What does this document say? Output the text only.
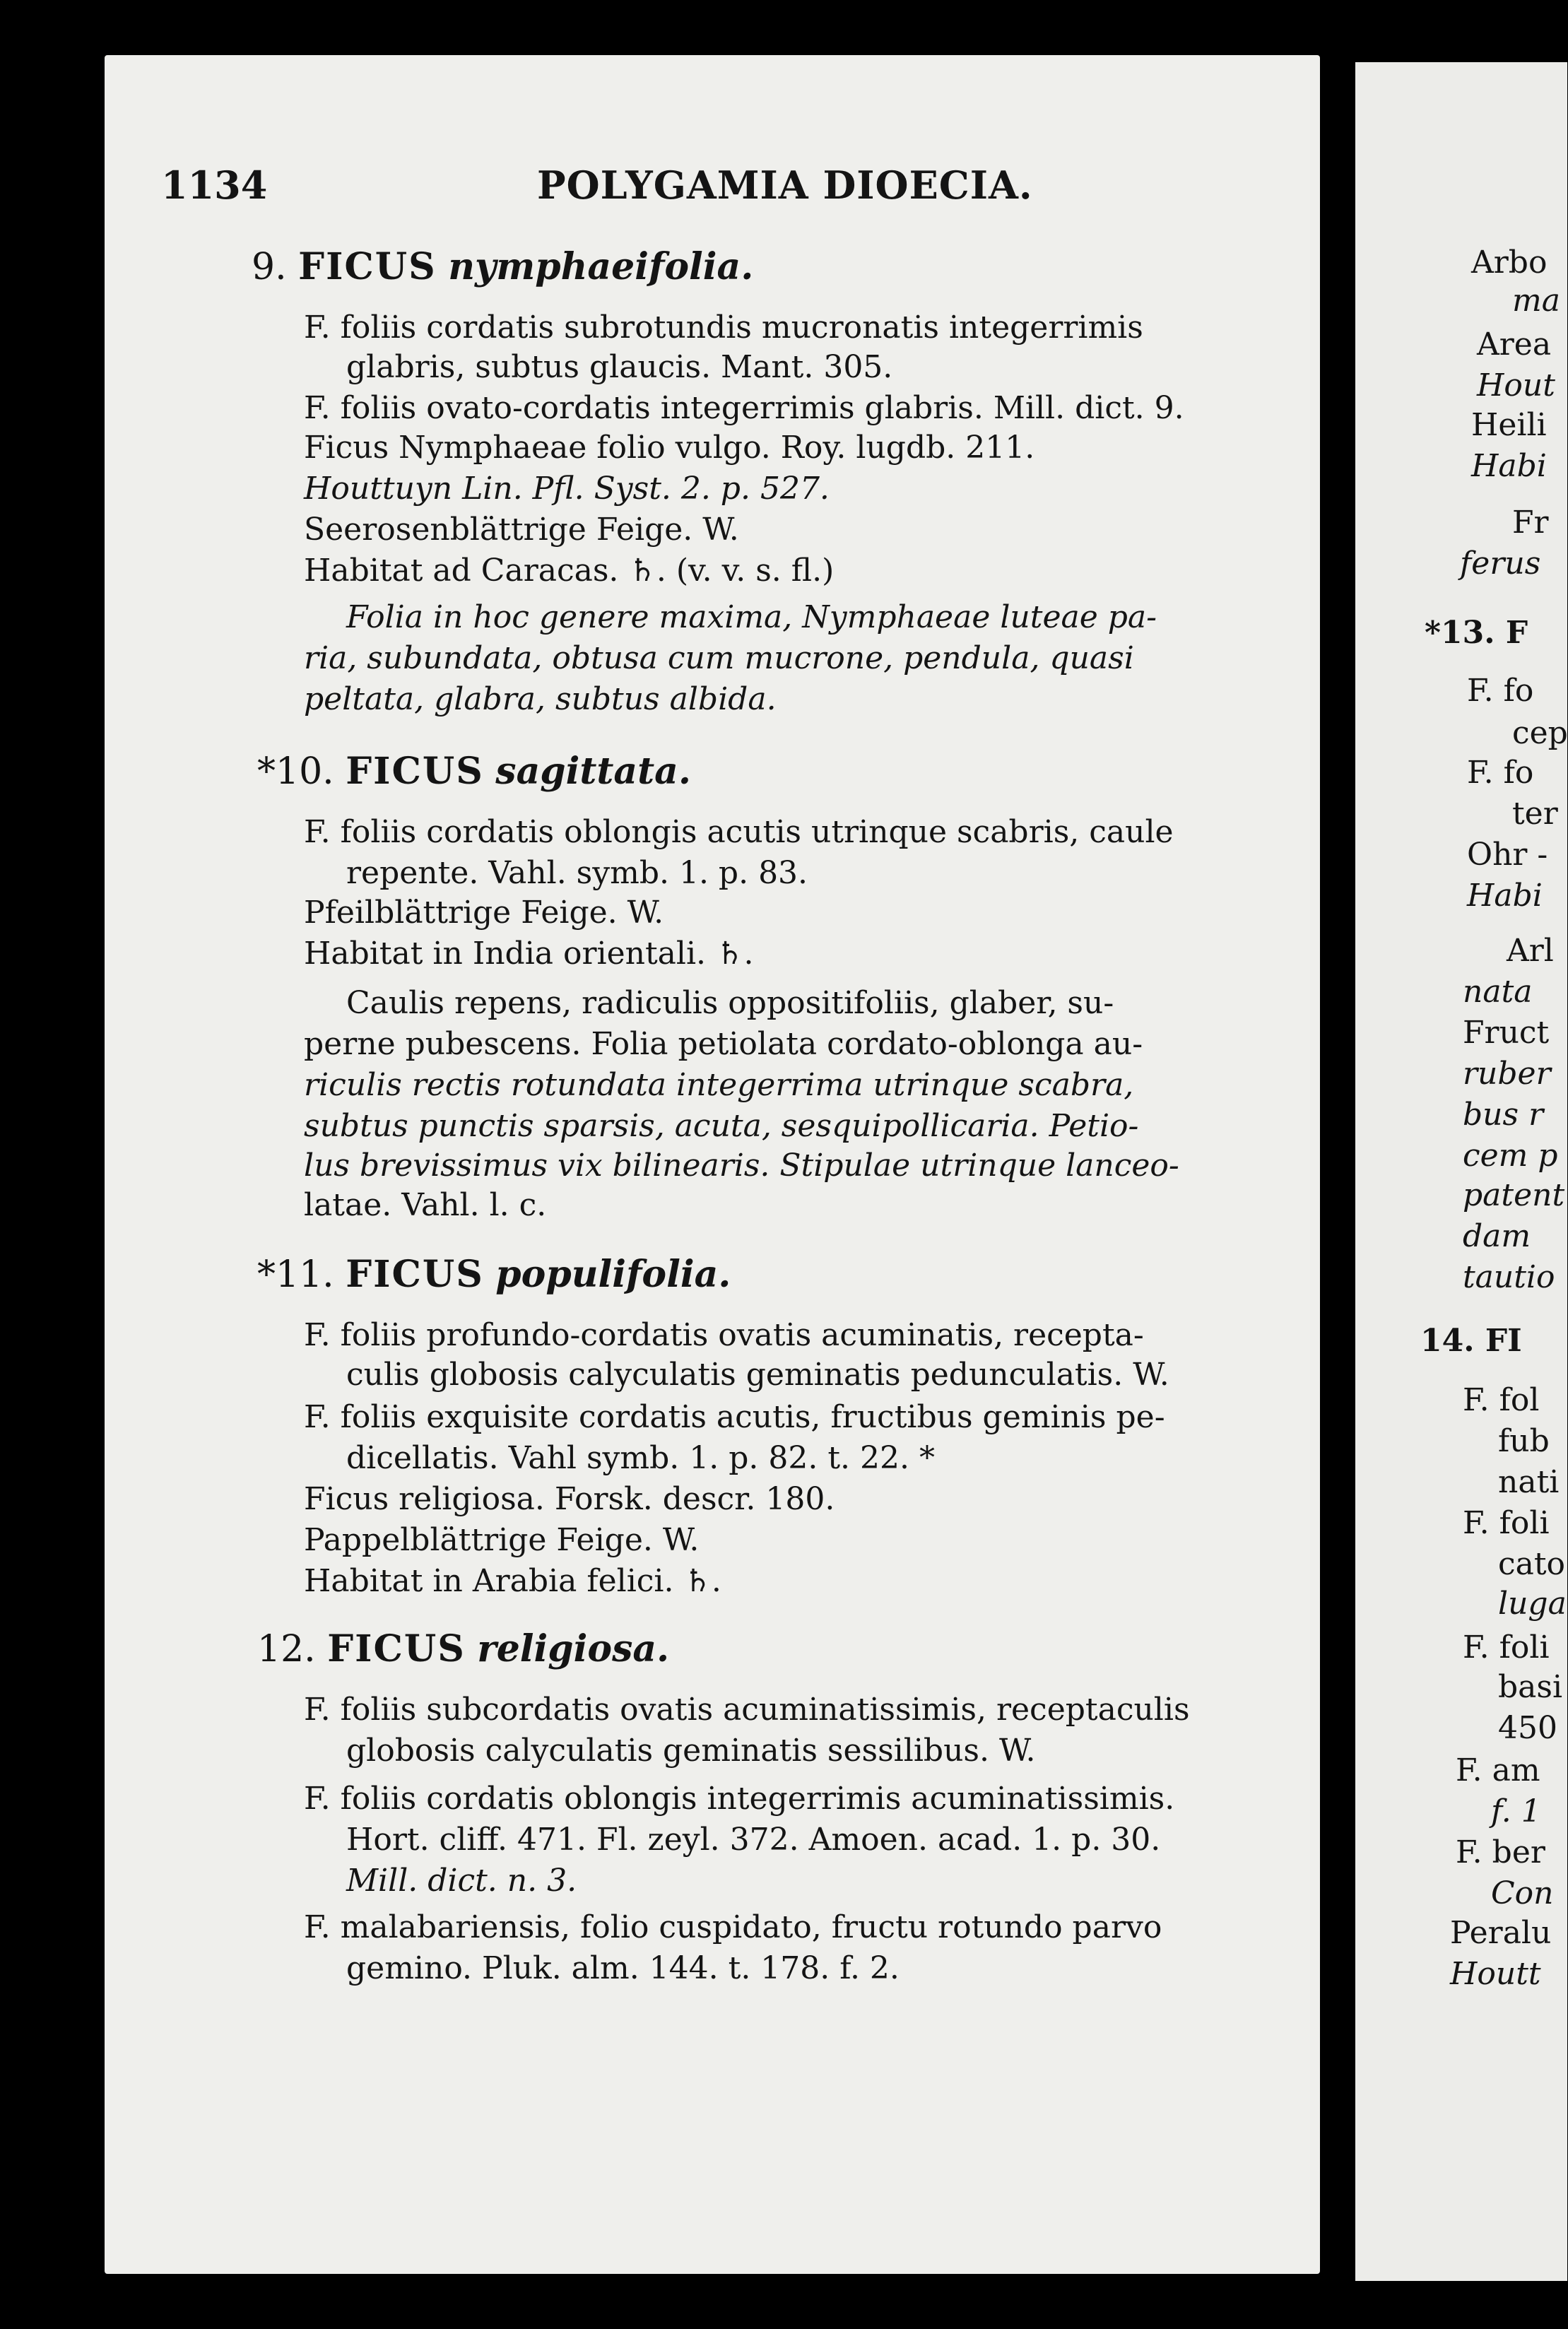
1134	POLYGAMIA DIOECIA.
9. FICUS nymphaeifolia.
F. foliis cordatis subrotundis mucronatis integerrimis
glabris, subtus glaucis. Mant. 305.
F. foliis ovato-cordatis integerrimis glabris. Mill. dict. 9.
Ficus Nymphaeae folio vulgo. Roy. lugdb. 211.
Houttuyn Lin. Pfl. Syst. 2. p. 527.
Seerosenblättrige Feige. W.
Habitat ad Caracas. ♄. (v. v. s. fl.)
Folia in hoc genere maxima, Nymphaeae luteae pa-
ria, subundata, obtusa cum mucrone, pendula, quasi
peltata, glabra, subtus albida.
*10. FICUS sagittata.
F. foliis cordatis oblongis acutis utrinque scabris, caule
repente. Vahl. symb. 1. p. 83.
Pfeilblättrige Feige. W.
Habitat in India orientali. ♄.
Caulis repens, radiculis oppositifoliis, glaber, su-
perne pubescens. Folia petiolata cordato-oblonga au-
riculis rectis rotundata integerrima utrinque scabra,
subtus punctis sparsis, acuta, sesquipollicaria. Petio-
lus brevissimus vix bilinearis. Stipulae utrinque lanceo-
latae. Vahl. l. c.
*11. FICUS populifolia.
F. foliis profundo-cordatis ovatis acuminatis, recepta-
culis globosis calyculatis geminatis pedunculatis. W.
F. foliis exquisite cordatis acutis, fructibus geminis pe-
dicellatis. Vahl symb. 1. p. 82. t. 22. *
Ficus religiosa. Forsk. descr. 180.
Pappelblättrige Feige. W.
Habitat in Arabia felici. ♄.
12. FICUS religiosa.
F. foliis subcordatis ovatis acuminatissimis, receptaculis
globosis calyculatis geminatis sessilibus. W.
F. foliis cordatis oblongis integerrimis acuminatissimis.
Hort. cliff. 471. Fl. zeyl. 372. Amoen. acad. 1. p. 30.
Mill. dict. n. 3.
F. malabariensis, folio cuspidato, fructu rotundo parvo
gemino. Pluk. alm. 144. t. 178. f. 2.
Arbo
ma
Area
Hout
Heili
Habi
Fr
ferus
*13. F
F. fo
cep
F. fo
ter
Ohr -
Habi
Arl
nata
Fruct
ruber
bus r
cem p
patent
dam
tautio
14. FI
F. fol
fub
nati
F. foli
cato
luga
F. foli
basi
450
F. am
f. 1
F. ber
Con
Peralu
Houtt
